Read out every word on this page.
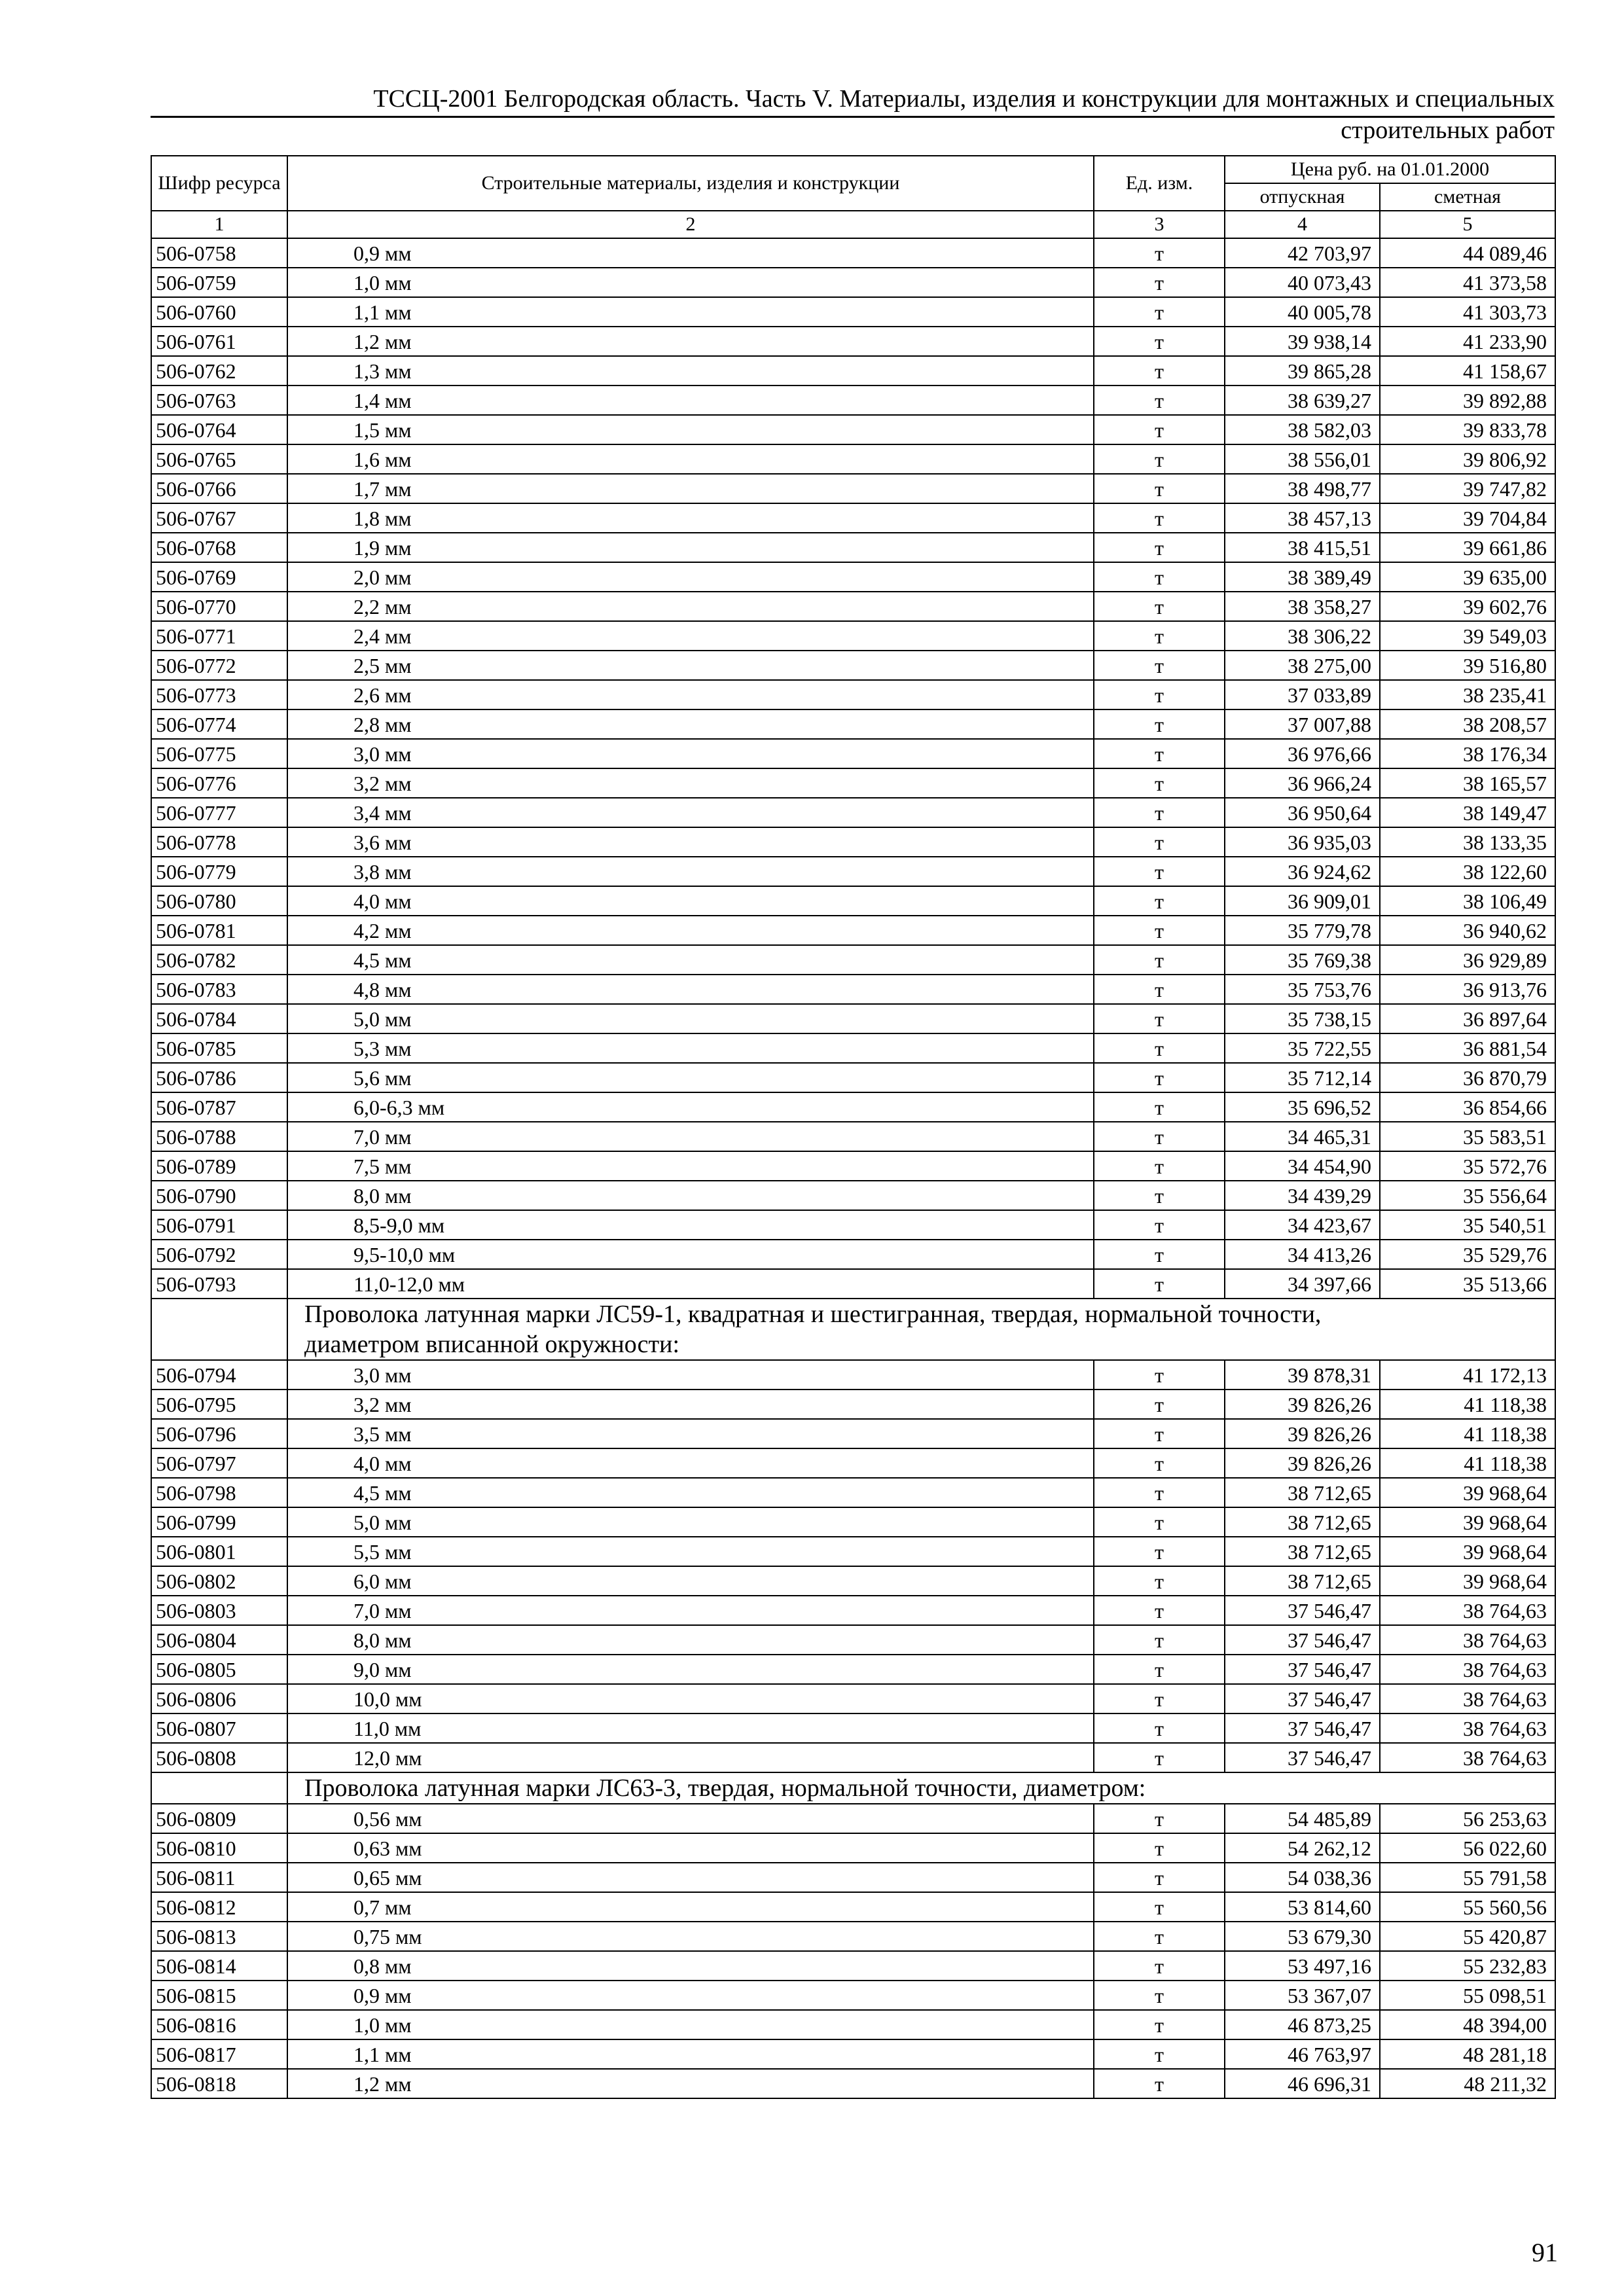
ТССЦ-2001 Белгородская область. Часть V. Материалы, изделия и конструкции для монтажных и специальных
строительных работ
Шифр ресурса	Строительные материалы, изделия и конструкции	Ед. изм.	Цена руб. на 01.01.2000	
			отпускная	сметная
1	2	3	4	5
506-0758	0,9 мм	т	42 703,97	44 089,46
506-0759	1,0 мм	т	40 073,43	41 373,58
506-0760	1,1 мм	т	40 005,78	41 303,73
506-0761	1,2 мм	т	39 938,14	41 233,90
506-0762	1,3 мм	т	39 865,28	41 158,67
506-0763	1,4 мм	т	38 639,27	39 892,88
506-0764	1,5 мм	т	38 582,03	39 833,78
506-0765	1,6 мм	т	38 556,01	39 806,92
506-0766	1,7 мм	т	38 498,77	39 747,82
506-0767	1,8 мм	т	38 457,13	39 704,84
506-0768	1,9 мм	т	38 415,51	39 661,86
506-0769	2,0 мм	т	38 389,49	39 635,00
506-0770	2,2 мм	т	38 358,27	39 602,76
506-0771	2,4 мм	т	38 306,22	39 549,03
506-0772	2,5 мм	т	38 275,00	39 516,80
506-0773	2,6 мм	т	37 033,89	38 235,41
506-0774	2,8 мм	т	37 007,88	38 208,57
506-0775	3,0 мм	т	36 976,66	38 176,34
506-0776	3,2 мм	т	36 966,24	38 165,57
506-0777	3,4 мм	т	36 950,64	38 149,47
506-0778	3,6 мм	т	36 935,03	38 133,35
506-0779	3,8 мм	т	36 924,62	38 122,60
506-0780	4,0 мм	т	36 909,01	38 106,49
506-0781	4,2 мм	т	35 779,78	36 940,62
506-0782	4,5 мм	т	35 769,38	36 929,89
506-0783	4,8 мм	т	35 753,76	36 913,76
506-0784	5,0 мм	т	35 738,15	36 897,64
506-0785	5,3 мм	т	35 722,55	36 881,54
506-0786	5,6 мм	т	35 712,14	36 870,79
506-0787	6,0-6,3 мм	т	35 696,52	36 854,66
506-0788	7,0 мм	т	34 465,31	35 583,51
506-0789	7,5 мм	т	34 454,90	35 572,76
506-0790	8,0 мм	т	34 439,29	35 556,64
506-0791	8,5-9,0 мм	т	34 423,67	35 540,51
506-0792	9,5-10,0 мм	т	34 413,26	35 529,76
506-0793	11,0-12,0 мм	т	34 397,66	35 513,66
	Проволока латунная марки ЛС59-1, квадратная и шестигранная, твердая, нормальной точности, диаметром вписанной окружности:			
506-0794	3,0 мм	т	39 878,31	41 172,13
506-0795	3,2 мм	т	39 826,26	41 118,38
506-0796	3,5 мм	т	39 826,26	41 118,38
506-0797	4,0 мм	т	39 826,26	41 118,38
506-0798	4,5 мм	т	38 712,65	39 968,64
506-0799	5,0 мм	т	38 712,65	39 968,64
506-0801	5,5 мм	т	38 712,65	39 968,64
506-0802	6,0 мм	т	38 712,65	39 968,64
506-0803	7,0 мм	т	37 546,47	38 764,63
506-0804	8,0 мм	т	37 546,47	38 764,63
506-0805	9,0 мм	т	37 546,47	38 764,63
506-0806	10,0 мм	т	37 546,47	38 764,63
506-0807	11,0 мм	т	37 546,47	38 764,63
506-0808	12,0 мм	т	37 546,47	38 764,63
	Проволока латунная марки ЛС63-3, твердая, нормальной точности, диаметром:			
506-0809	0,56 мм	т	54 485,89	56 253,63
506-0810	0,63 мм	т	54 262,12	56 022,60
506-0811	0,65 мм	т	54 038,36	55 791,58
506-0812	0,7 мм	т	53 814,60	55 560,56
506-0813	0,75 мм	т	53 679,30	55 420,87
506-0814	0,8 мм	т	53 497,16	55 232,83
506-0815	0,9 мм	т	53 367,07	55 098,51
506-0816	1,0 мм	т	46 873,25	48 394,00
506-0817	1,1 мм	т	46 763,97	48 281,18
506-0818	1,2 мм	т	46 696,31	48 211,32
91
